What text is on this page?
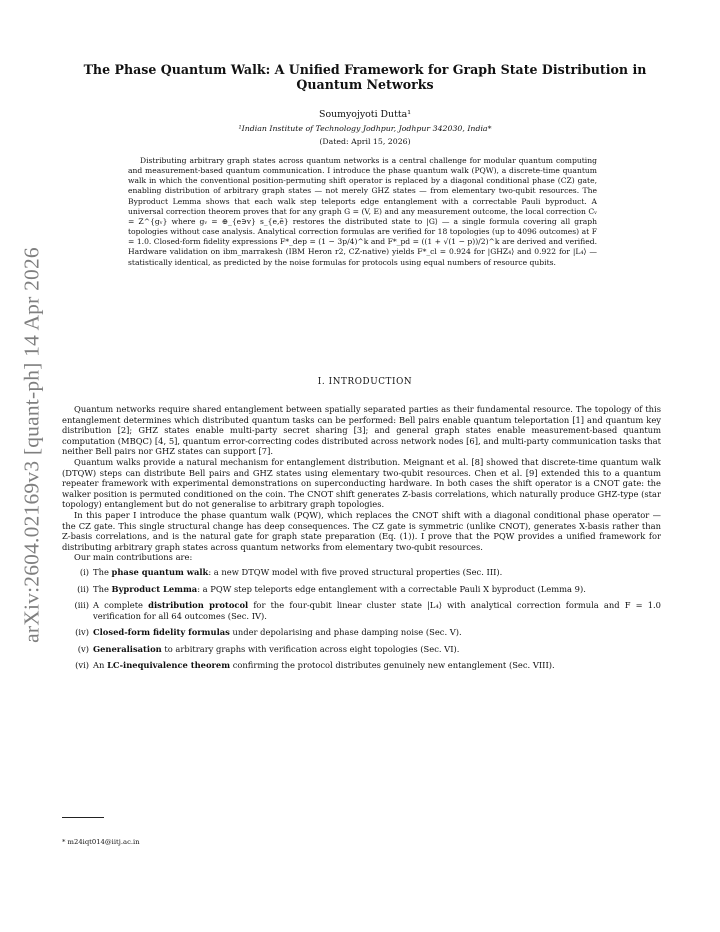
arXiv:2604.02169v3 [quant-ph] 14 Apr 2026
The Phase Quantum Walk: A Unified Framework for Graph State Distribution in Quantum Networks
Soumyojyoti Dutta¹
¹Indian Institute of Technology Jodhpur, Jodhpur 342030, India*
(Dated: April 15, 2026)
Distributing arbitrary graph states across quantum networks is a central challenge for modular quantum computing and measurement-based quantum communication. I introduce the phase quantum walk (PQW), a discrete-time quantum walk in which the conventional position-permuting shift operator is replaced by a diagonal conditional phase (CZ) gate, enabling distribution of arbitrary graph states — not merely GHZ states — from elementary two-qubit resources. The Byproduct Lemma shows that each walk step teleports edge entanglement with a correctable Pauli byproduct. A universal correction theorem proves that for any graph G = (V, E) and any measurement outcome, the local correction Cᵥ = Z^{gᵥ} where gᵥ = ⊕_{e∋v} s_{e,ē} restores the distributed state to |G⟩ — a single formula covering all graph topologies without case analysis. Analytical correction formulas are verified for 18 topologies (up to 4096 outcomes) at F = 1.0. Closed-form fidelity expressions F*_dep = (1 − 3p/4)^k and F*_pd = ((1 + √(1 − p))/2)^k are derived and verified. Hardware validation on ibm_marrakesh (IBM Heron r2, CZ-native) yields F*_cl = 0.924 for |GHZ₄⟩ and 0.922 for |L₄⟩ — statistically identical, as predicted by the noise formulas for protocols using equal numbers of resource qubits.
I. INTRODUCTION

Quantum networks require shared entanglement between spatially separated parties as their fundamental resource. The topology of this entanglement determines which distributed quantum tasks can be performed: Bell pairs enable quantum teleportation [1] and quantum key distribution [2]; GHZ states enable multi-party secret sharing [3]; and general graph states enable measurement-based quantum computation (MBQC) [4, 5], quantum error-correcting codes distributed across network nodes [6], and multi-party communication tasks that neither Bell pairs nor GHZ states can support [7].

Quantum walks provide a natural mechanism for entanglement distribution. Meignant et al. [8] showed that discrete-time quantum walk (DTQW) steps can distribute Bell pairs and GHZ states using elementary two-qubit resources. Chen et al. [9] extended this to a quantum repeater framework with experimental demonstrations on superconducting hardware. In both cases the shift operator is a CNOT gate: the walker position is permuted conditioned on the coin. The CNOT shift generates Z-basis correlations, which naturally produce GHZ-type (star topology) entanglement but do not generalise to arbitrary graph topologies.

In this paper I introduce the phase quantum walk (PQW), which replaces the CNOT shift with a diagonal conditional phase operator — the CZ gate. This single structural change has deep consequences. The CZ gate is symmetric (unlike CNOT), generates X-basis rather than Z-basis correlations, and is the natural gate for graph state preparation (Eq. (1)). I prove that the PQW provides a unified framework for distributing arbitrary graph states across quantum networks from elementary two-qubit resources.

Our main contributions are:

(i) The phase quantum walk: a new DTQW model with five proved structural properties (Sec. III).
(ii) The Byproduct Lemma: a PQW step teleports edge entanglement with a correctable Pauli X byproduct (Lemma 9).
(iii) A complete distribution protocol for the four-qubit linear cluster state |L₄⟩ with analytical correction formula and F = 1.0 verification for all 64 outcomes (Sec. IV).
(iv) Closed-form fidelity formulas under depolarising and phase damping noise (Sec. V).
(v) Generalisation to arbitrary graphs with verification across eight topologies (Sec. VI).
(vi) An LC-inequivalence theorem confirming the protocol distributes genuinely new entanglement (Sec. VIII).
* m24iqt014@iitj.ac.in
